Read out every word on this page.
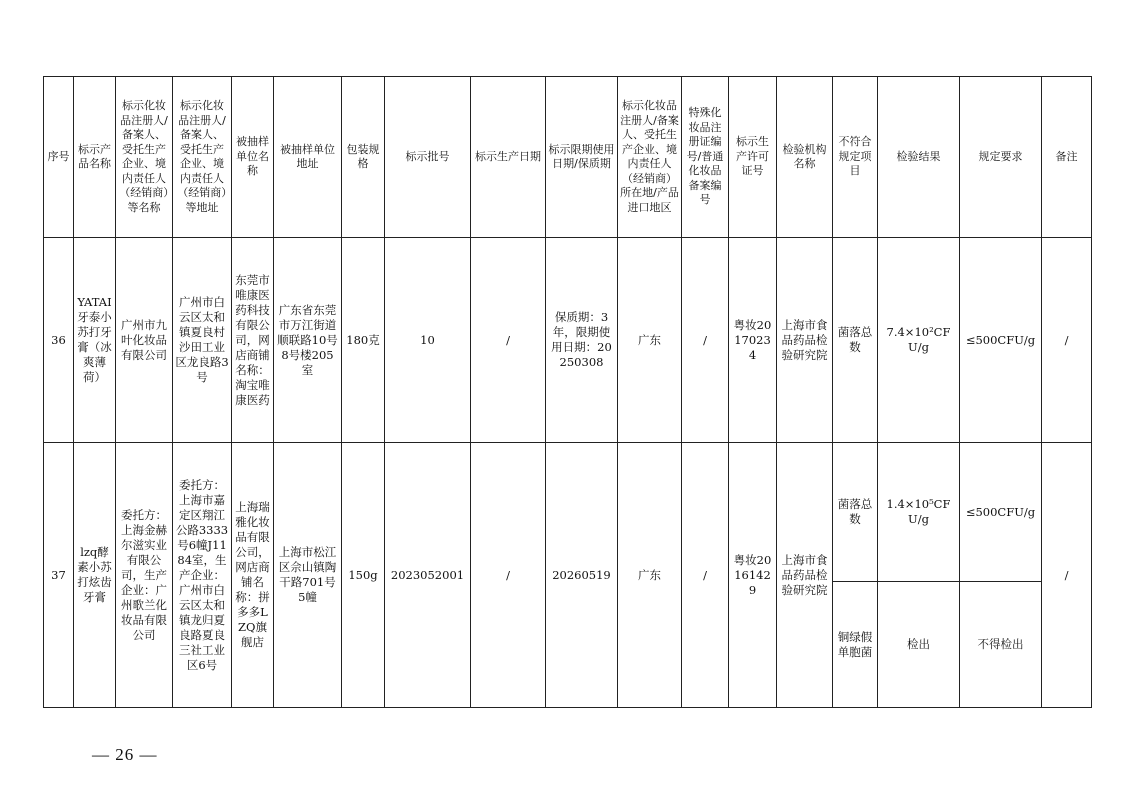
序号	标示产品名称	标示化妆品注册人/备案人、受托生产企业、境内责任人（经销商）等名称	标示化妆品注册人/备案人、受托生产企业、境内责任人（经销商）等地址	被抽样单位名称	被抽样单位地址	包装规格	标示批号	标示生产日期	标示限期使用日期/保质期	标示化妆品注册人/备案人、受托生产企业、境内责任人（经销商）所在地/产品进口地区	特殊化妆品注册证编号/普通化妆品备案编号	标示生产许可证号	检验机构名称	不符合规定项目	检验结果	规定要求	备注
36	YATAI牙泰小苏打牙膏（冰爽薄荷）	广州市九叶化妆品有限公司	广州市白云区太和镇夏良村沙田工业区龙良路3号	东莞市唯康医药科技有限公司，网店商铺名称：淘宝唯康医药	广东省东莞市万江街道顺联路10号8号楼205室	180克	10	/	保质期：3年，限期使用日期：20250308	广东	/	粤妆20170234	上海市食品药品检验研究院	菌落总数	7.4×10²CFU/g	≤500CFU/g	/
37	lzq酵素小苏打炫齿牙膏	委托方：上海金赫尔滋实业有限公司，生产企业：广州歌兰化妆品有限公司	委托方：上海市嘉定区翔江公路3333号6幢J1184室，生产企业：广州市白云区太和镇龙归夏良路夏良三社工业区6号	上海瑞雅化妆品有限公司，网店商铺名称：拼多多LZQ旗舰店	上海市松江区佘山镇陶干路701号5幢	150g	2023052001	/	20260519	广东	/	粤妆20161429	上海市食品药品检验研究院	菌落总数	1.4×10⁵CFU/g	≤500CFU/g	/
														铜绿假单胞菌	检出	不得检出	
— 26 —
